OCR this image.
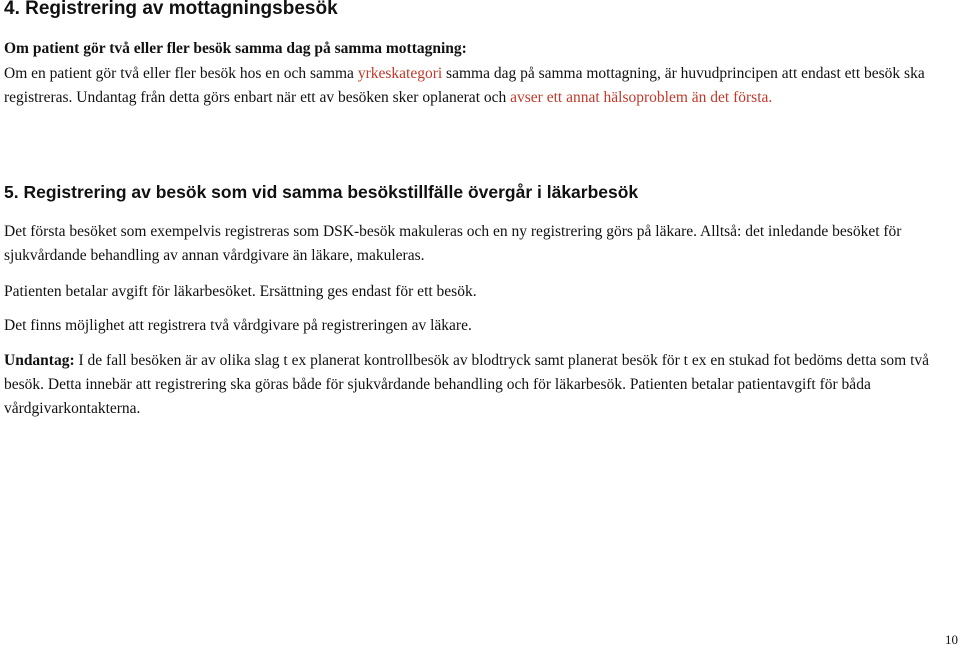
4. Registrering av mottagningsbesök

Om patient gör två eller fler besök samma dag på samma mottagning:

Om en patient gör två eller fler besök hos en och samma yrkeskategori samma dag på samma mottagning, är huvudprincipen att endast ett besök ska registreras. Undantag från detta görs enbart när ett av besöken sker oplanerat och avser ett annat hälsoproblem än det första.

5. Registrering av besök som vid samma besökstillfälle övergår i läkarbesök

Det första besöket som exempelvis registreras som DSK-besök makuleras och en ny registrering görs på läkare. Alltså: det inledande besöket för sjukvårdande behandling av annan vårdgivare än läkare, makuleras.

Patienten betalar avgift för läkarbesöket. Ersättning ges endast för ett besök.

Det finns möjlighet att registrera två vårdgivare på registreringen av läkare.

Undantag: I de fall besöken är av olika slag t ex planerat kontrollbesök av blodtryck samt planerat besök för t ex en stukad fot bedöms detta som två besök. Detta innebär att registrering ska göras både för sjukvårdande behandling och för läkarbesök. Patienten betalar patientavgift för båda vårdgivarkontakterna.

10
